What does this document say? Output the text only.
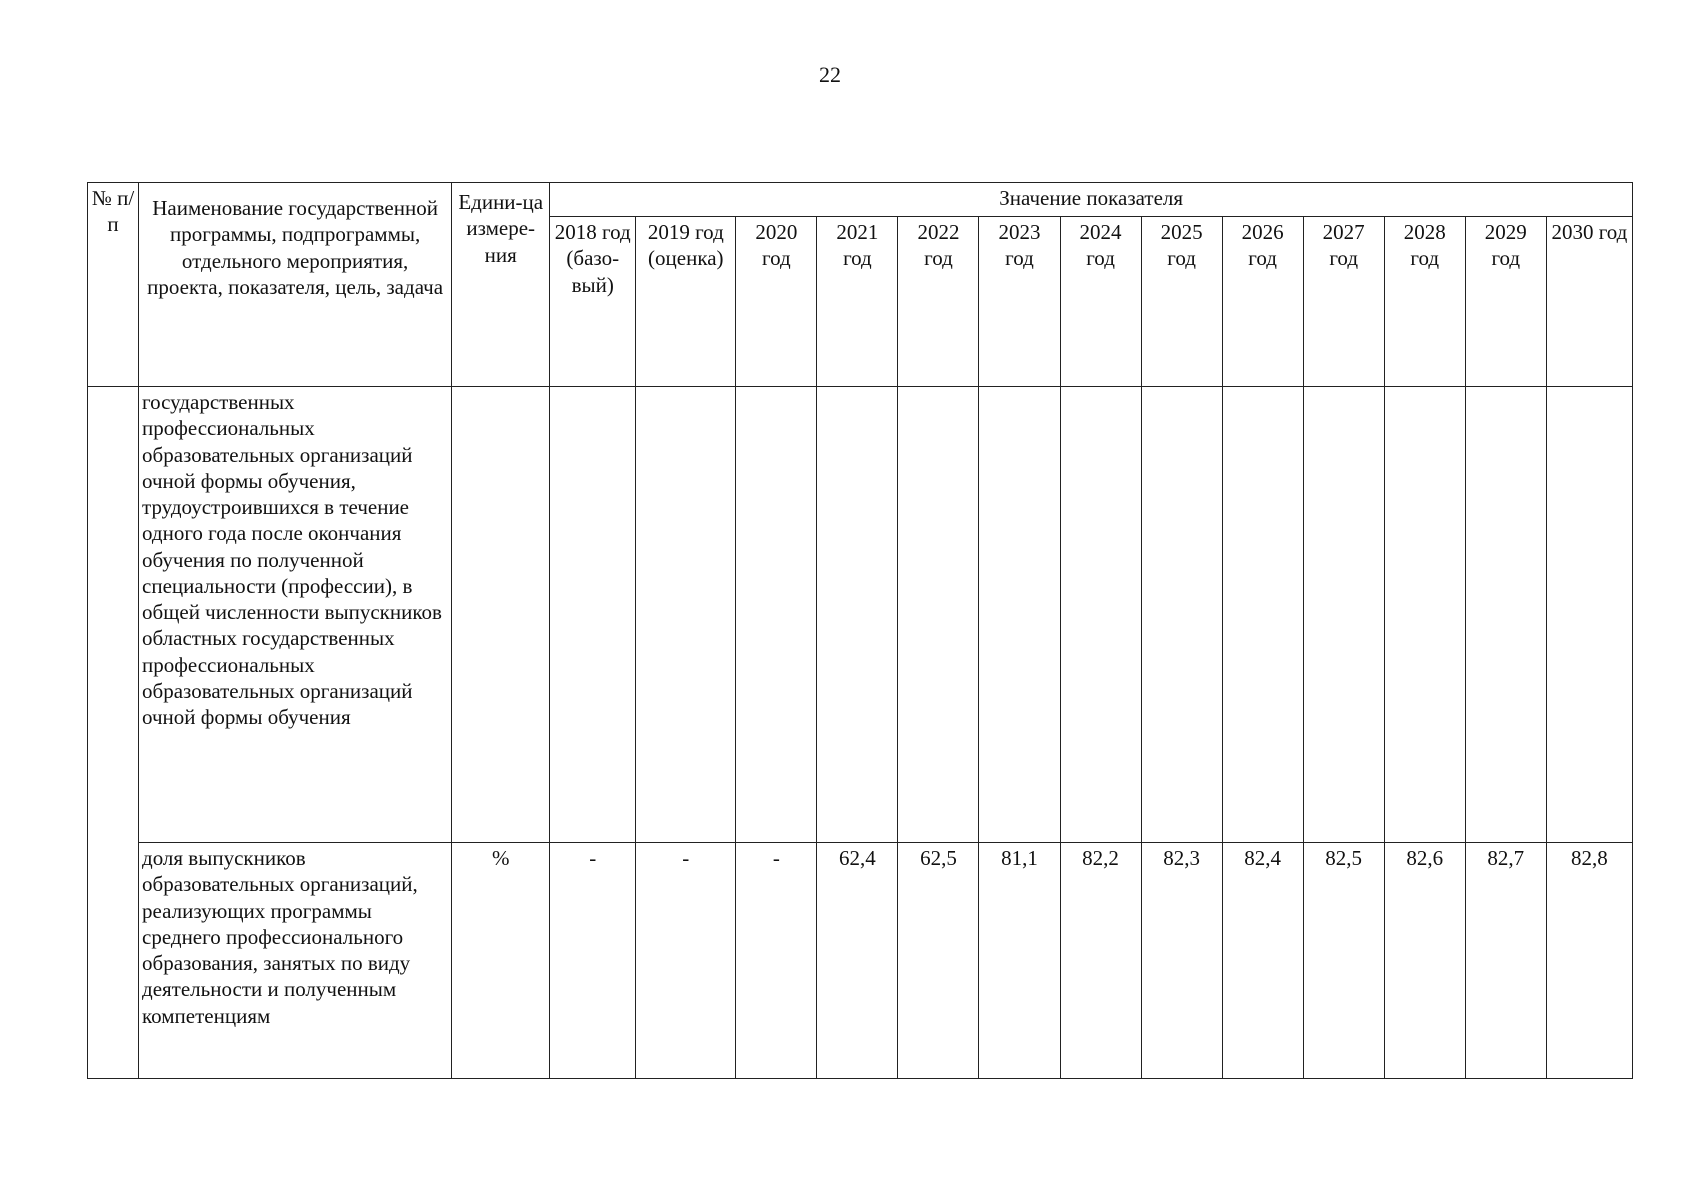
22
№ п/п	Наименование государственной программы, подпрограммы, отдельного мероприятия, проекта, показателя, цель, задача	Едини-ца измере-ния	Значение показателя												
			2018 год (базо-вый)	2019 год (оценка)	2020 год	2021 год	2022 год	2023 год	2024 год	2025 год	2026 год	2027 год	2028 год	2029 год	2030 год
	государственных профессиональных образовательных организаций очной формы обучения, трудоустроившихся в течение одного года после окончания обучения по полученной специальности (профессии), в общей численности выпускников областных государственных профессиональных образовательных организаций очной формы обучения														
	доля выпускников образовательных организаций, реализующих программы среднего профессионального образования, занятых по виду деятельности и полученным компетенциям	%	-	-	-	62,4	62,5	81,1	82,2	82,3	82,4	82,5	82,6	82,7	82,8
